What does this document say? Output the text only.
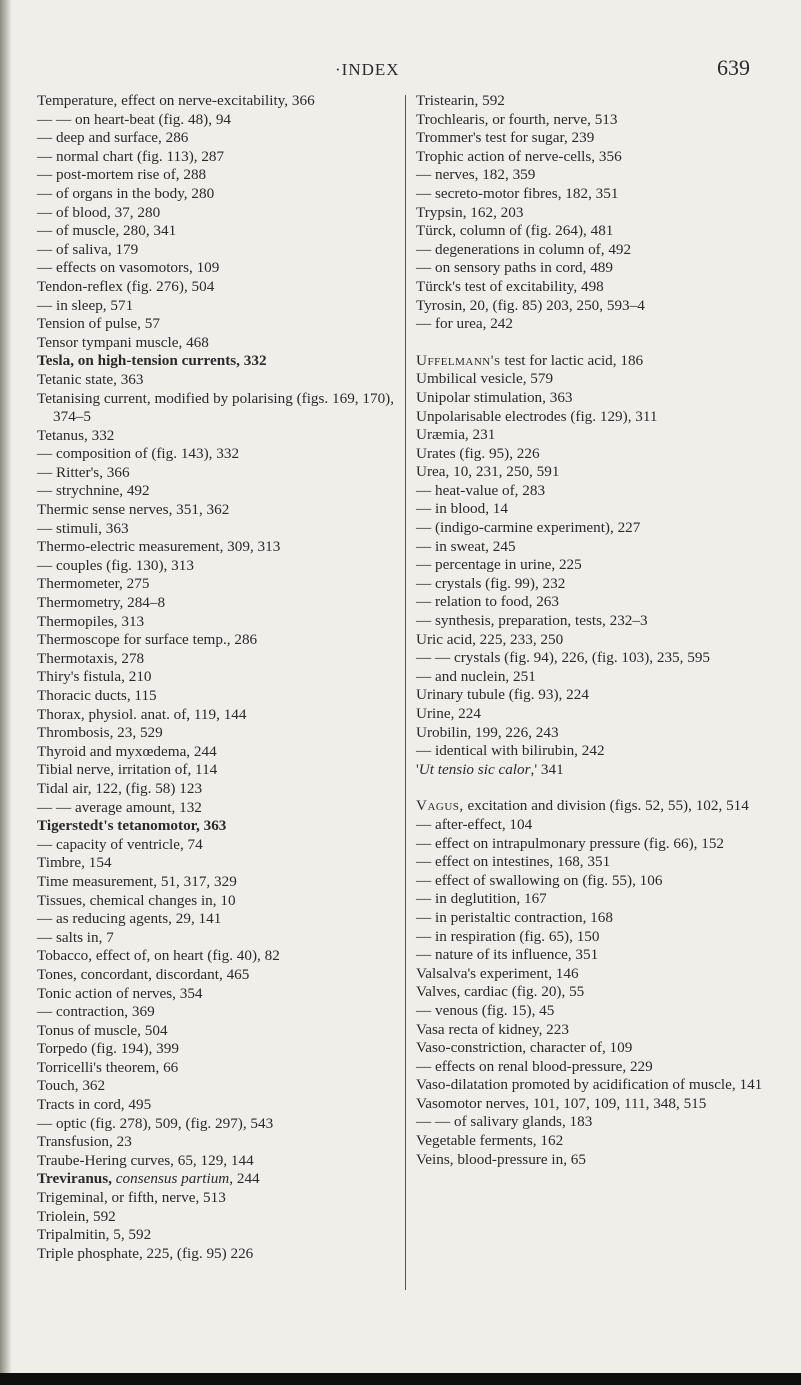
·INDEX	639
Temperature, effect on nerve-excitability, 366
— — on heart-beat (fig. 48), 94
— deep and surface, 286
— normal chart (fig. 113), 287
— post-mortem rise of, 288
— of organs in the body, 280
— of blood, 37, 280
— of muscle, 280, 341
— of saliva, 179
— effects on vasomotors, 109
Tendon-reflex (fig. 276), 504
— in sleep, 571
Tension of pulse, 57
Tensor tympani muscle, 468
Tesla, on high-tension currents, 332
Tetanic state, 363
Tetanising current, modified by polarising (figs. 169, 170), 374–5
Tetanus, 332
— composition of (fig. 143), 332
— Ritter's, 366
— strychnine, 492
Thermic sense nerves, 351, 362
— stimuli, 363
Thermo-electric measurement, 309, 313
— couples (fig. 130), 313
Thermometer, 275
Thermometry, 284–8
Thermopiles, 313
Thermoscope for surface temp., 286
Thermotaxis, 278
Thiry's fistula, 210
Thoracic ducts, 115
Thorax, physiol. anat. of, 119, 144
Thrombosis, 23, 529
Thyroid and myxœdema, 244
Tibial nerve, irritation of, 114
Tidal air, 122, (fig. 58) 123
— — average amount, 132
Tigerstedt's tetanomotor, 363
— capacity of ventricle, 74
Timbre, 154
Time measurement, 51, 317, 329
Tissues, chemical changes in, 10
— as reducing agents, 29, 141
— salts in, 7
Tobacco, effect of, on heart (fig. 40), 82
Tones, concordant, discordant, 465
Tonic action of nerves, 354
— contraction, 369
Tonus of muscle, 504
Torpedo (fig. 194), 399
Torricelli's theorem, 66
Touch, 362
Tracts in cord, 495
— optic (fig. 278), 509, (fig. 297), 543
Transfusion, 23
Traube-Hering curves, 65, 129, 144
Treviranus, consensus partium, 244
Trigeminal, or fifth, nerve, 513
Triolein, 592
Tripalmitin, 5, 592
Triple phosphate, 225, (fig. 95) 226
Tristearin, 592
Trochlearis, or fourth, nerve, 513
Trommer's test for sugar, 239
Trophic action of nerve-cells, 356
— nerves, 182, 359
— secreto-motor fibres, 182, 351
Trypsin, 162, 203
Türck, column of (fig. 264), 481
— degenerations in column of, 492
— on sensory paths in cord, 489
Türck's test of excitability, 498
Tyrosin, 20, (fig. 85) 203, 250, 593–4
— for urea, 242
Uffelmann's test for lactic acid, 186
Umbilical vesicle, 579
Unipolar stimulation, 363
Unpolarisable electrodes (fig. 129), 311
Uræmia, 231
Urates (fig. 95), 226
Urea, 10, 231, 250, 591
— heat-value of, 283
— in blood, 14
— (indigo-carmine experiment), 227
— in sweat, 245
— percentage in urine, 225
— crystals (fig. 99), 232
— relation to food, 263
— synthesis, preparation, tests, 232–3
Uric acid, 225, 233, 250
— — crystals (fig. 94), 226, (fig. 103), 235, 595
— and nuclein, 251
Urinary tubule (fig. 93), 224
Urine, 224
Urobilin, 199, 226, 243
— identical with bilirubin, 242
'Ut tensio sic calor,' 341
Vagus, excitation and division (figs. 52, 55), 102, 514
— after-effect, 104
— effect on intrapulmonary pressure (fig. 66), 152
— effect on intestines, 168, 351
— effect of swallowing on (fig. 55), 106
— in deglutition, 167
— in peristaltic contraction, 168
— in respiration (fig. 65), 150
— nature of its influence, 351
Valsalva's experiment, 146
Valves, cardiac (fig. 20), 55
— venous (fig. 15), 45
Vasa recta of kidney, 223
Vaso-constriction, character of, 109
— effects on renal blood-pressure, 229
Vaso-dilatation promoted by acidification of muscle, 141
Vasomotor nerves, 101, 107, 109, 111, 348, 515
— — of salivary glands, 183
Vegetable ferments, 162
Veins, blood-pressure in, 65
